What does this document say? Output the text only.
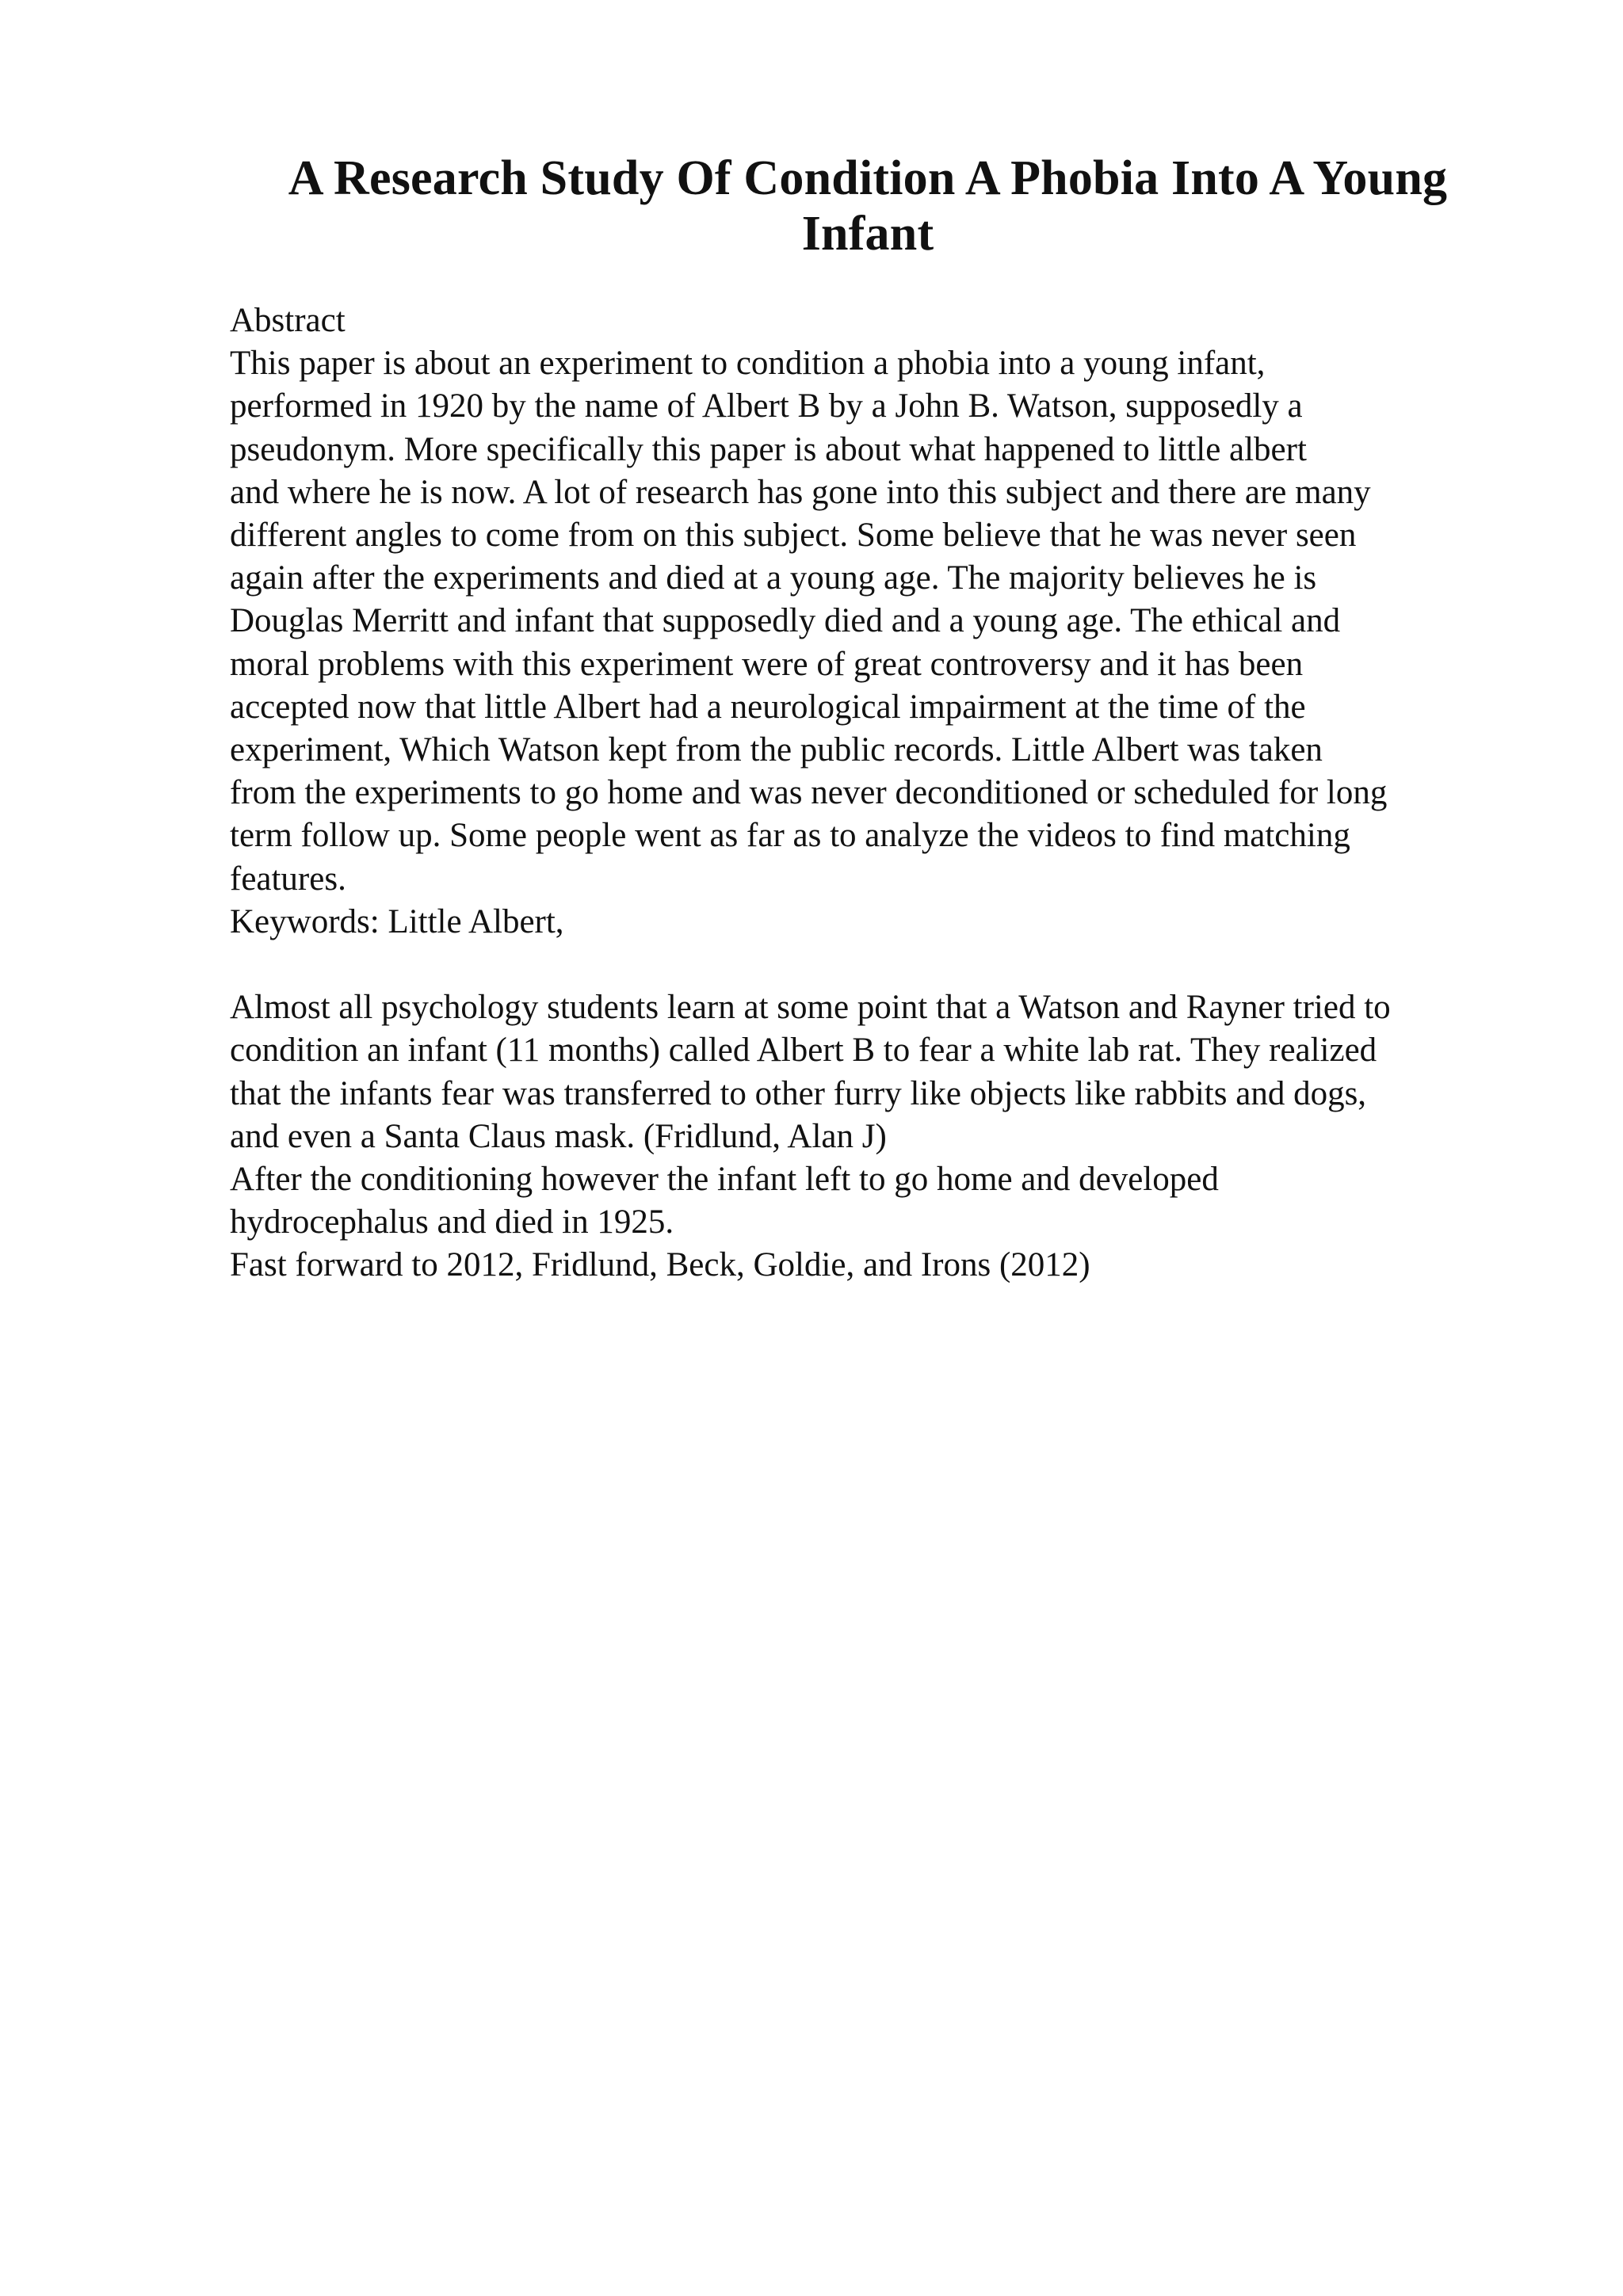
A Research Study Of Condition A Phobia Into A Young Infant
Abstract
This paper is about an experiment to condition a phobia into a young infant,
performed in 1920 by the name of Albert B by a John B. Watson, supposedly a
pseudonym. More specifically this paper is about what happened to little albert
and where he is now. A lot of research has gone into this subject and there are many
different angles to come from on this subject. Some believe that he was never seen
again after the experiments and died at a young age. The majority believes he is
Douglas Merritt and infant that supposedly died and a young age. The ethical and
moral problems with this experiment were of great controversy and it has been
accepted now that little Albert had a neurological impairment at the time of the
experiment, Which Watson kept from the public records. Little Albert was taken
from the experiments to go home and was never deconditioned or scheduled for long
term follow up. Some people went as far as to analyze the videos to find matching
features.
Keywords: Little Albert,
Almost all psychology students learn at some point that a Watson and Rayner tried to
condition an infant (11 months) called Albert B to fear a white lab rat. They realized
that the infants fear was transferred to other furry like objects like rabbits and dogs,
and even a Santa Claus mask. (Fridlund, Alan J)
After the conditioning however the infant left to go home and developed
hydrocephalus and died in 1925.
Fast forward to 2012, Fridlund, Beck, Goldie, and Irons (2012)
